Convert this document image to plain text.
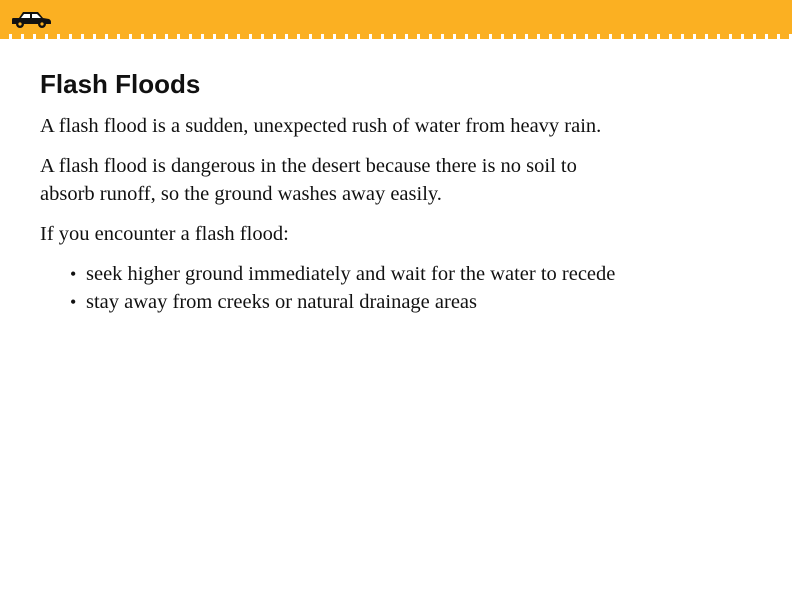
Flash Floods

A flash flood is a sudden, unexpected rush of water from heavy rain.

A flash flood is dangerous in the desert because there is no soil to absorb runoff, so the ground washes away easily.

If you encounter a flash flood:

• seek higher ground immediately and wait for the water to recede
• stay away from creeks or natural drainage areas
